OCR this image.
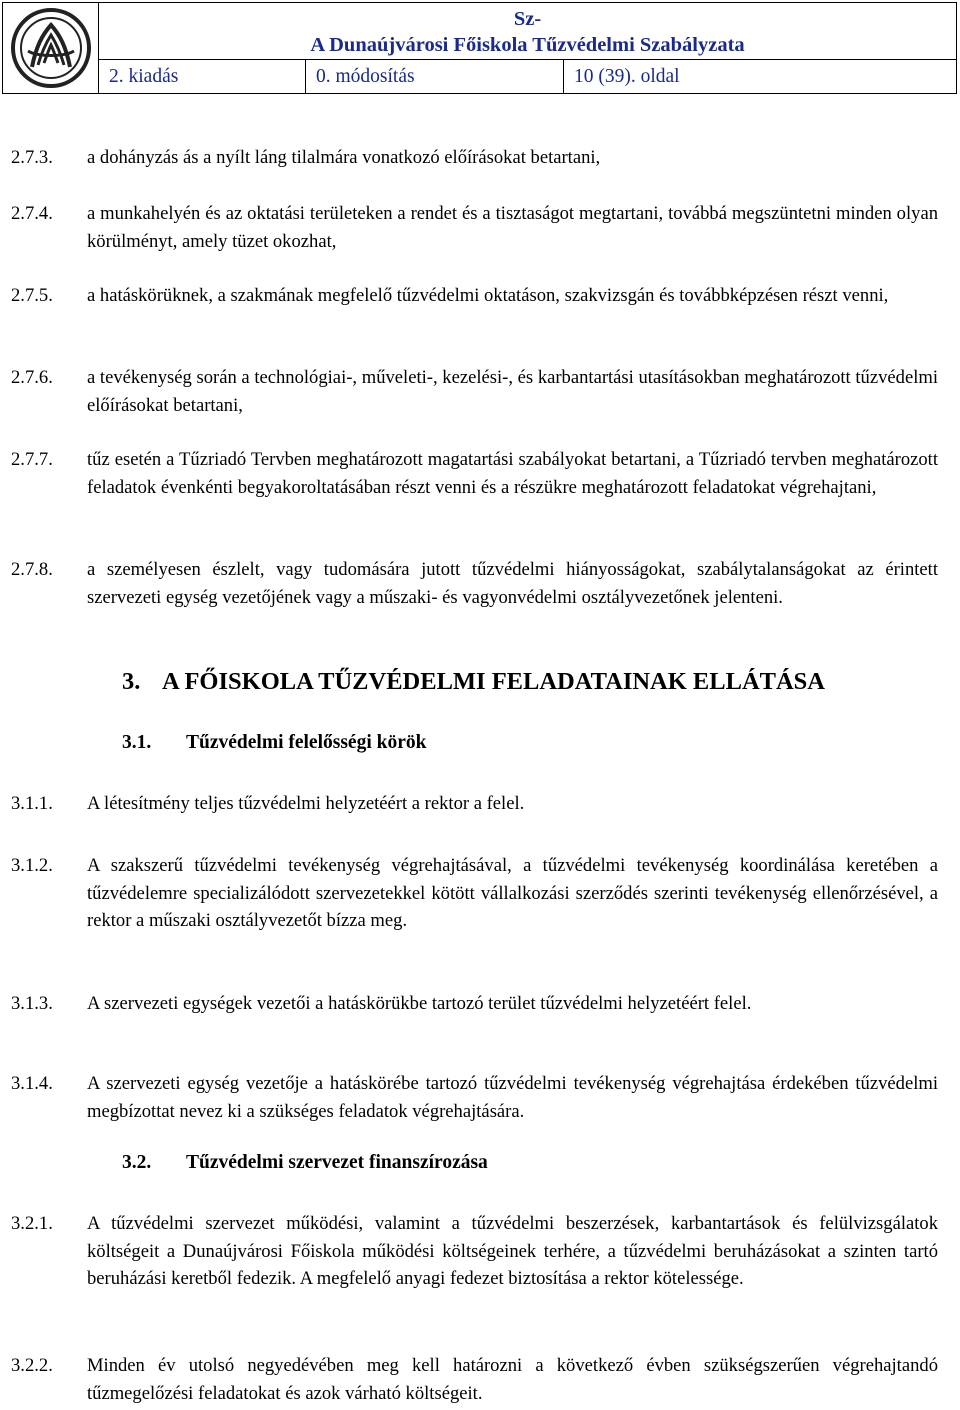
Sz-
A Dunaújvárosi Főiskola Tűzvédelmi Szabályzata
2. kiadás	0. módosítás	10 (39). oldal
2.7.3. a dohányzás ás a nyílt láng tilalmára vonatkozó előírásokat betartani,
2.7.4. a munkahelyén és az oktatási területeken a rendet és a tisztaságot megtartani, továbbá megszüntetni minden olyan körülményt, amely tüzet okozhat,
2.7.5. a hatáskörüknek, a szakmának megfelelő tűzvédelmi oktatáson, szakvizsgán és továbbképzésen részt venni,
2.7.6. a tevékenység során a technológiai-, műveleti-, kezelési-, és karbantartási utasításokban meghatározott tűzvédelmi előírásokat betartani,
2.7.7. tűz esetén a Tűzriadó Tervben meghatározott magatartási szabályokat betartani, a Tűzriadó tervben meghatározott feladatok évenkénti begyakoroltatásában részt venni és a részükre meghatározott feladatokat végrehajtani,
2.7.8. a személyesen észlelt, vagy tudomására jutott tűzvédelmi hiányosságokat, szabálytalanságokat az érintett szervezeti egység vezetőjének vagy a műszaki- és vagyonvédelmi osztályvezetőnek jelenteni.
3. A FŐISKOLA TŰZVÉDELMI FELADATAINAK ELLÁTÁSA
3.1. Tűzvédelmi felelősségi körök
3.1.1. A létesítmény teljes tűzvédelmi helyzetéért a rektor a felel.
3.1.2. A szakszerű tűzvédelmi tevékenység végrehajtásával, a tűzvédelmi tevékenység koordinálása keretében a tűzvédelemre specializálódott szervezetekkel kötött vállalkozási szerződés szerinti tevékenység ellenőrzésével, a rektor a műszaki osztályvezetőt bízza meg.
3.1.3. A szervezeti egységek vezetői a hatáskörükbe tartozó terület tűzvédelmi helyzetéért felel.
3.1.4. A szervezeti egység vezetője a hatáskörébe tartozó tűzvédelmi tevékenység végrehajtása érdekében tűzvédelmi megbízottat nevez ki a szükséges feladatok végrehajtására.
3.2. Tűzvédelmi szervezet finanszírozása
3.2.1. A tűzvédelmi szervezet működési, valamint a tűzvédelmi beszerzések, karbantartások és felülvizsgálatok költségeit a Dunaújvárosi Főiskola működési költségeinek terhére, a tűzvédelmi beruházásokat a szinten tartó beruházási keretből fedezik. A megfelelő anyagi fedezet biztosítása a rektor kötelessége.
3.2.2. Minden év utolsó negyedévében meg kell határozni a következő évben szükségszerűen végrehajtandó tűzmegelőzési feladatokat és azok várható költségeit.
